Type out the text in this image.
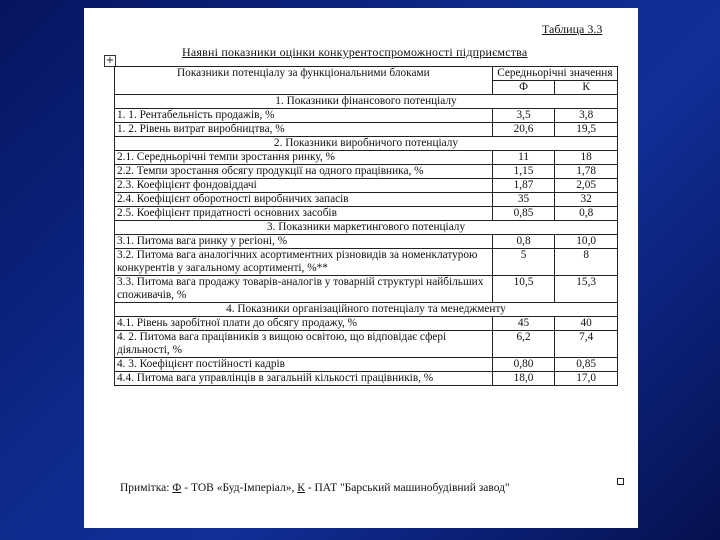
Таблица 3.3
Наявні показники оцінки конкурентоспроможності підприємства
+
Показники потенціалу за функціональними блоками	Середньорічні значення	
	Ф	К
1. Показники фінансового потенціалу		
1. 1. Рентабельність продажів, %	3,5	3,8
1. 2. Рівень витрат виробництва, %	20,6	19,5
2. Показники виробничого потенціалу		
2.1. Середньорічні темпи зростання ринку, %	11	18
2.2. Темпи зростання обсягу продукції на одного працівника, %	1,15	1,78
2.3. Коефіцієнт фондовіддачі	1,87	2,05
2.4. Коефіцієнт оборотності виробничих запасів	35	32
2.5. Коефіцієнт придатності основних засобів	0,85	0,8
3. Показники маркетингового потенціалу		
3.1. Питома вага ринку у регіоні, %	0,8	10,0
3.2. Питома вага аналогічних асортиментних різновидів за номенклатурою конкурентів у загальному асортименті, %**	5	8
3.3. Питома вага продажу товарів-аналогів у товарній структурі найбільших споживачів, %	10,5	15,3
4. Показники організаційного потенціалу та менеджменту		
4.1. Рівень заробітної плати до обсягу продажу, %	45	40
4. 2. Питома вага працівників з вищою освітою, що відповідає сфері діяльності, %	6,2	7,4
4. 3. Коефіцієнт постійності кадрів	0,80	0,85
4.4. Питома вага управлінців в загальній кількості працівників, %	18,0	17,0
Примітка: Ф - ТОВ «Буд-Імперіал», К - ПАТ "Барський машинобудівний завод"
